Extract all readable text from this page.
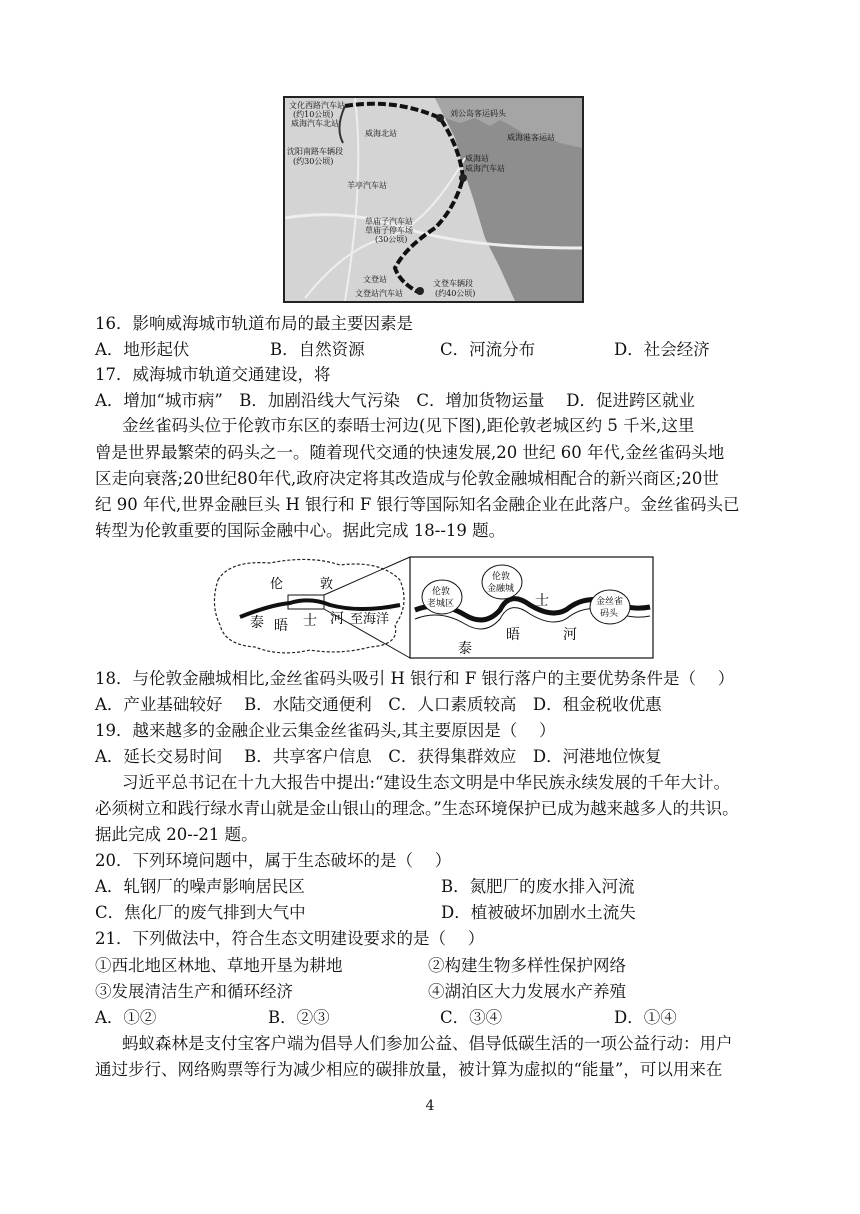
文化西路汽车站
(约10公顷)
威海汽车北站
刘公岛客运码头
威海北站	威海港客运站
沈阳南路车辆段
(约30公顷)	威海站
威海汽车站
羊亭汽车站
草庙子汽车站
草庙子停车场
(30公顷)
文登站	文登车辆段
文登站汽车站	(约40公顷)
16．影响威海城市轨道布局的最主要因素是
A．地形起伏	B．自然资源	C．河流分布	D．社会经济
17．威海城市轨道交通建设，将
A．增加“城市病”　B．加剧沿线大气污染　C．增加货物运量　 D．促进跨区就业
金丝雀码头位于伦敦市东区的泰晤士河边(见下图),距伦敦老城区约 5 千米,这里
曾是世界最繁荣的码头之一。随着现代交通的快速发展,20 世纪 60 年代,金丝雀码头地
区走向衰落;20世纪80年代,政府决定将其改造成与伦敦金融城相配合的新兴商区;20世
纪 90 年代,世界金融巨头 H 银行和 F 银行等国际知名金融企业在此落户。金丝雀码头已
转型为伦敦重要的国际金融中心。据此完成 18--19 题。
伦	敦
泰 晤 士 河 至海洋
伦敦
老城区
伦敦
金融城
金丝雀
码头
泰
晤
士
河
18．与伦敦金融城相比,金丝雀码头吸引 H 银行和 F 银行落户的主要优势条件是（　 ）
A．产业基础较好　 B．水陆交通便利　C．人口素质较高　D．租金税收优惠
19．越来越多的金融企业云集金丝雀码头,其主要原因是（　 ）
A．延长交易时间　 B．共享客户信息　C．获得集群效应　D．河港地位恢复
习近平总书记在十九大报告中提出:“建设生态文明是中华民族永续发展的千年大计。
必须树立和践行绿水青山就是金山银山的理念。”生态环境保护已成为越来越多人的共识。
据此完成 20--21 题。
20．下列环境问题中，属于生态破坏的是（　 ）
A．轧钢厂的噪声影响居民区	B．氮肥厂的废水排入河流
C．焦化厂的废气排到大气中	D．植被破坏加剧水土流失
21．下列做法中，符合生态文明建设要求的是（　 ）
①西北地区林地、草地开垦为耕地	②构建生物多样性保护网络
③发展清洁生产和循环经济	④湖泊区大力发展水产养殖
A．①②	B．②③	C．③④	D．①④
蚂蚁森林是支付宝客户端为倡导人们参加公益、倡导低碳生活的一项公益行动：用户
通过步行、网络购票等行为减少相应的碳排放量，被计算为虚拟的“能量”，可以用来在
4
